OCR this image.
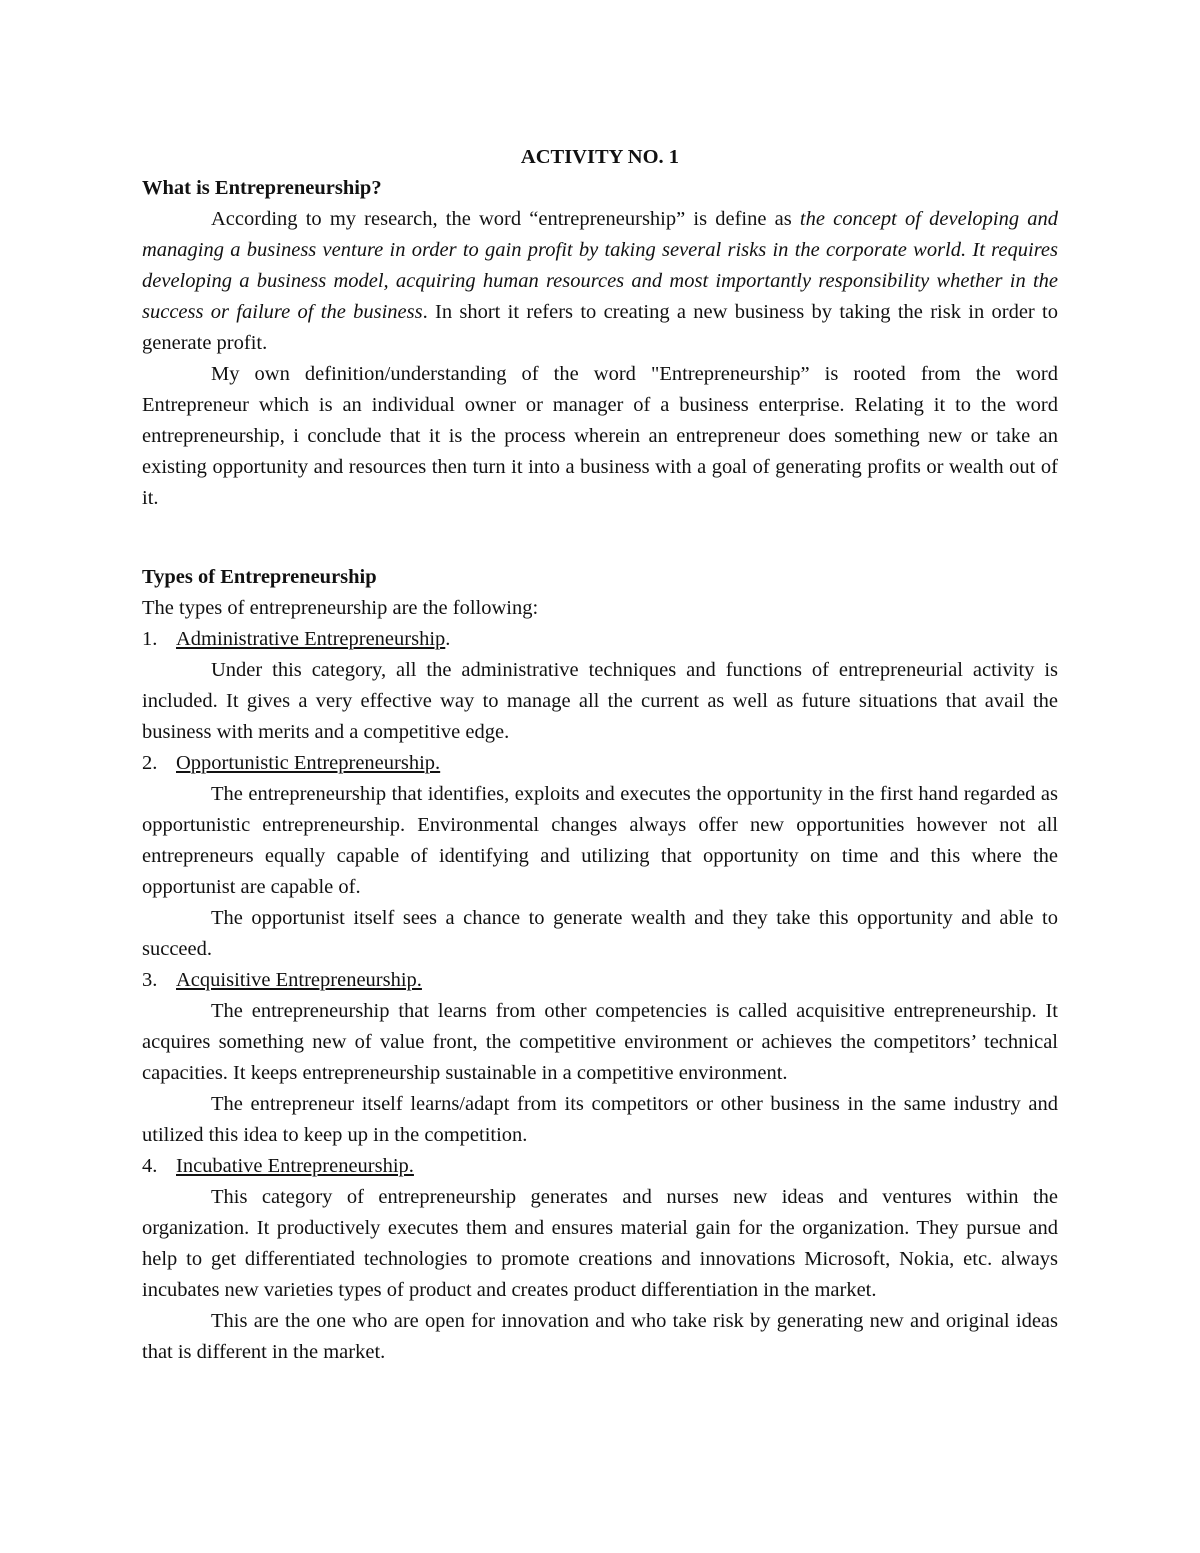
ACTIVITY NO. 1

What is Entrepreneurship?

According to my research, the word “entrepreneurship” is define as the concept of developing and managing a business venture in order to gain profit by taking several risks in the corporate world. It requires developing a business model, acquiring human resources and most importantly responsibility whether in the success or failure of the business. In short it refers to creating a new business by taking the risk in order to generate profit.

My own definition/understanding of the word "Entrepreneurship” is rooted from the word Entrepreneur which is an individual owner or manager of a business enterprise. Relating it to the word entrepreneurship, i conclude that it is the process wherein an entrepreneur does something new or take an existing opportunity and resources then turn it into a business with a goal of generating profits or wealth out of it.

Types of Entrepreneurship

The types of entrepreneurship are the following:

1. Administrative Entrepreneurship.

Under this category, all the administrative techniques and functions of entrepreneurial activity is included. It gives a very effective way to manage all the current as well as future situations that avail the business with merits and a competitive edge.

2. Opportunistic Entrepreneurship.

The entrepreneurship that identifies, exploits and executes the opportunity in the first hand regarded as opportunistic entrepreneurship. Environmental changes always offer new opportunities however not all entrepreneurs equally capable of identifying and utilizing that opportunity on time and this where the opportunist are capable of.

The opportunist itself sees a chance to generate wealth and they take this opportunity and able to succeed.

3. Acquisitive Entrepreneurship.

The entrepreneurship that learns from other competencies is called acquisitive entrepreneurship. It acquires something new of value front, the competitive environment or achieves the competitors’ technical capacities. It keeps entrepreneurship sustainable in a competitive environment.

The entrepreneur itself learns/adapt from its competitors or other business in the same industry and utilized this idea to keep up in the competition.

4. Incubative Entrepreneurship.

This category of entrepreneurship generates and nurses new ideas and ventures within the organization. It productively executes them and ensures material gain for the organization. They pursue and help to get differentiated technologies to promote creations and innovations Microsoft, Nokia, etc. always incubates new varieties types of product and creates product differentiation in the market.

This are the one who are open for innovation and who take risk by generating new and original ideas that is different in the market.
